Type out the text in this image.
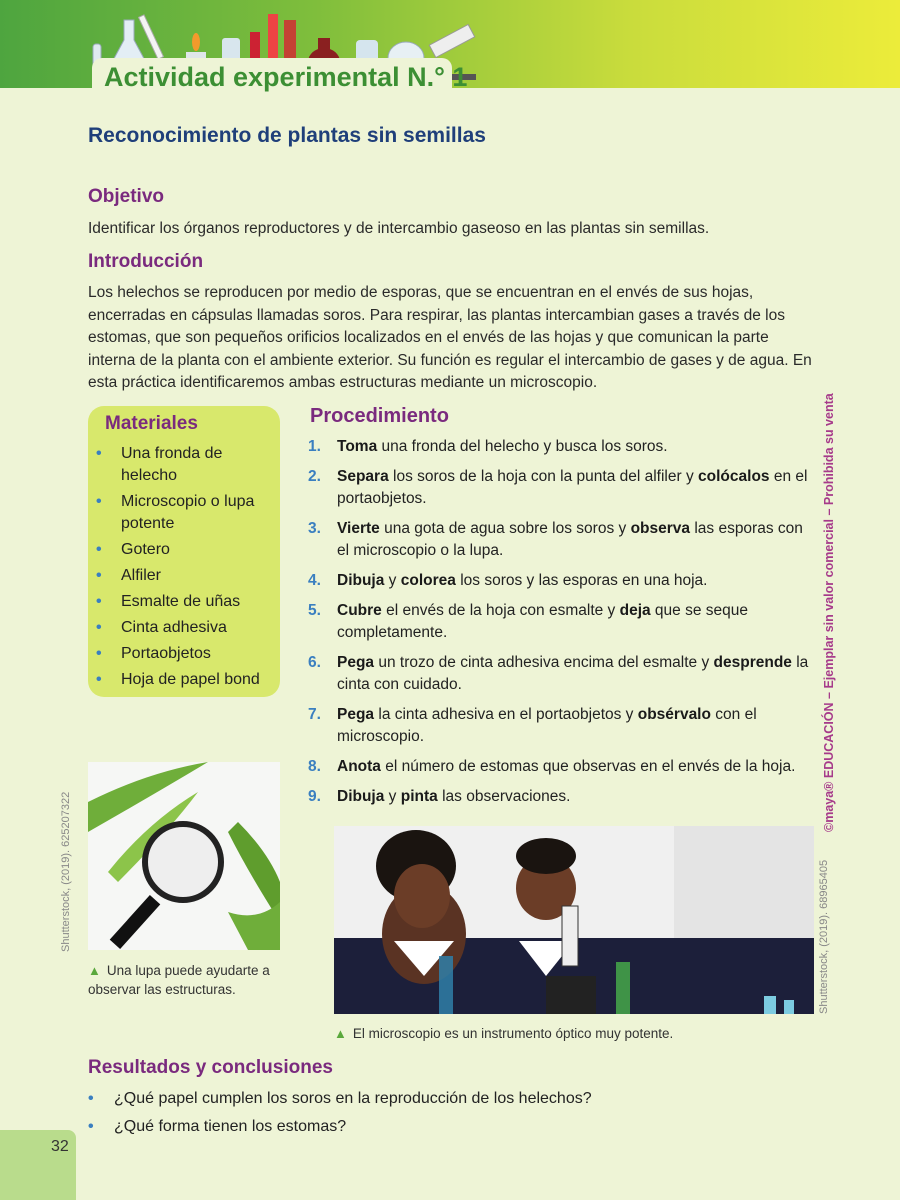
Actividad experimental N.° 1
Reconocimiento de plantas sin semillas
Objetivo
Identificar los órganos reproductores y de intercambio gaseoso en las plantas sin semillas.
Introducción
Los helechos se reproducen por medio de esporas, que se encuentran en el envés de sus hojas, encerradas en cápsulas llamadas soros. Para respirar, las plantas intercambian gases a través de los estomas, que son pequeños orificios localizados en el envés de las hojas y que comunican la parte interna de la planta con el ambiente exterior. Su función es regular el intercambio de gases y de agua. En esta práctica identificaremos ambas estructuras mediante un microscopio.
Materiales
• Una fronda de helecho
• Microscopio o lupa potente
• Gotero
• Alfiler
• Esmalte de uñas
• Cinta adhesiva
• Portaobjetos
• Hoja de papel bond
Procedimiento
1. Toma una fronda del helecho y busca los soros.
2. Separa los soros de la hoja con la punta del alfiler y colócalos en el portaobjetos.
3. Vierte una gota de agua sobre los soros y observa las esporas con el microscopio o la lupa.
4. Dibuja y colorea los soros y las esporas en una hoja.
5. Cubre el envés de la hoja con esmalte y deja que se seque completamente.
6. Pega un trozo de cinta adhesiva encima del esmalte y desprende la cinta con cuidado.
7. Pega la cinta adhesiva en el portaobjetos y obsérvalo con el microscopio.
8. Anota el número de estomas que observas en el envés de la hoja.
9. Dibuja y pinta las observaciones.
Shutterstock, (2019). 625207322
▲ Una lupa puede ayudarte a observar las estructuras.	Shutterstock, (2019). 68965405
▲ El microscopio es un instrumento óptico muy potente.
©maya® EDUCACIÓN – Ejemplar sin valor comercial – Prohibida su venta
Resultados y conclusiones
• ¿Qué papel cumplen los soros en la reproducción de los helechos?
• ¿Qué forma tienen los estomas?
32
